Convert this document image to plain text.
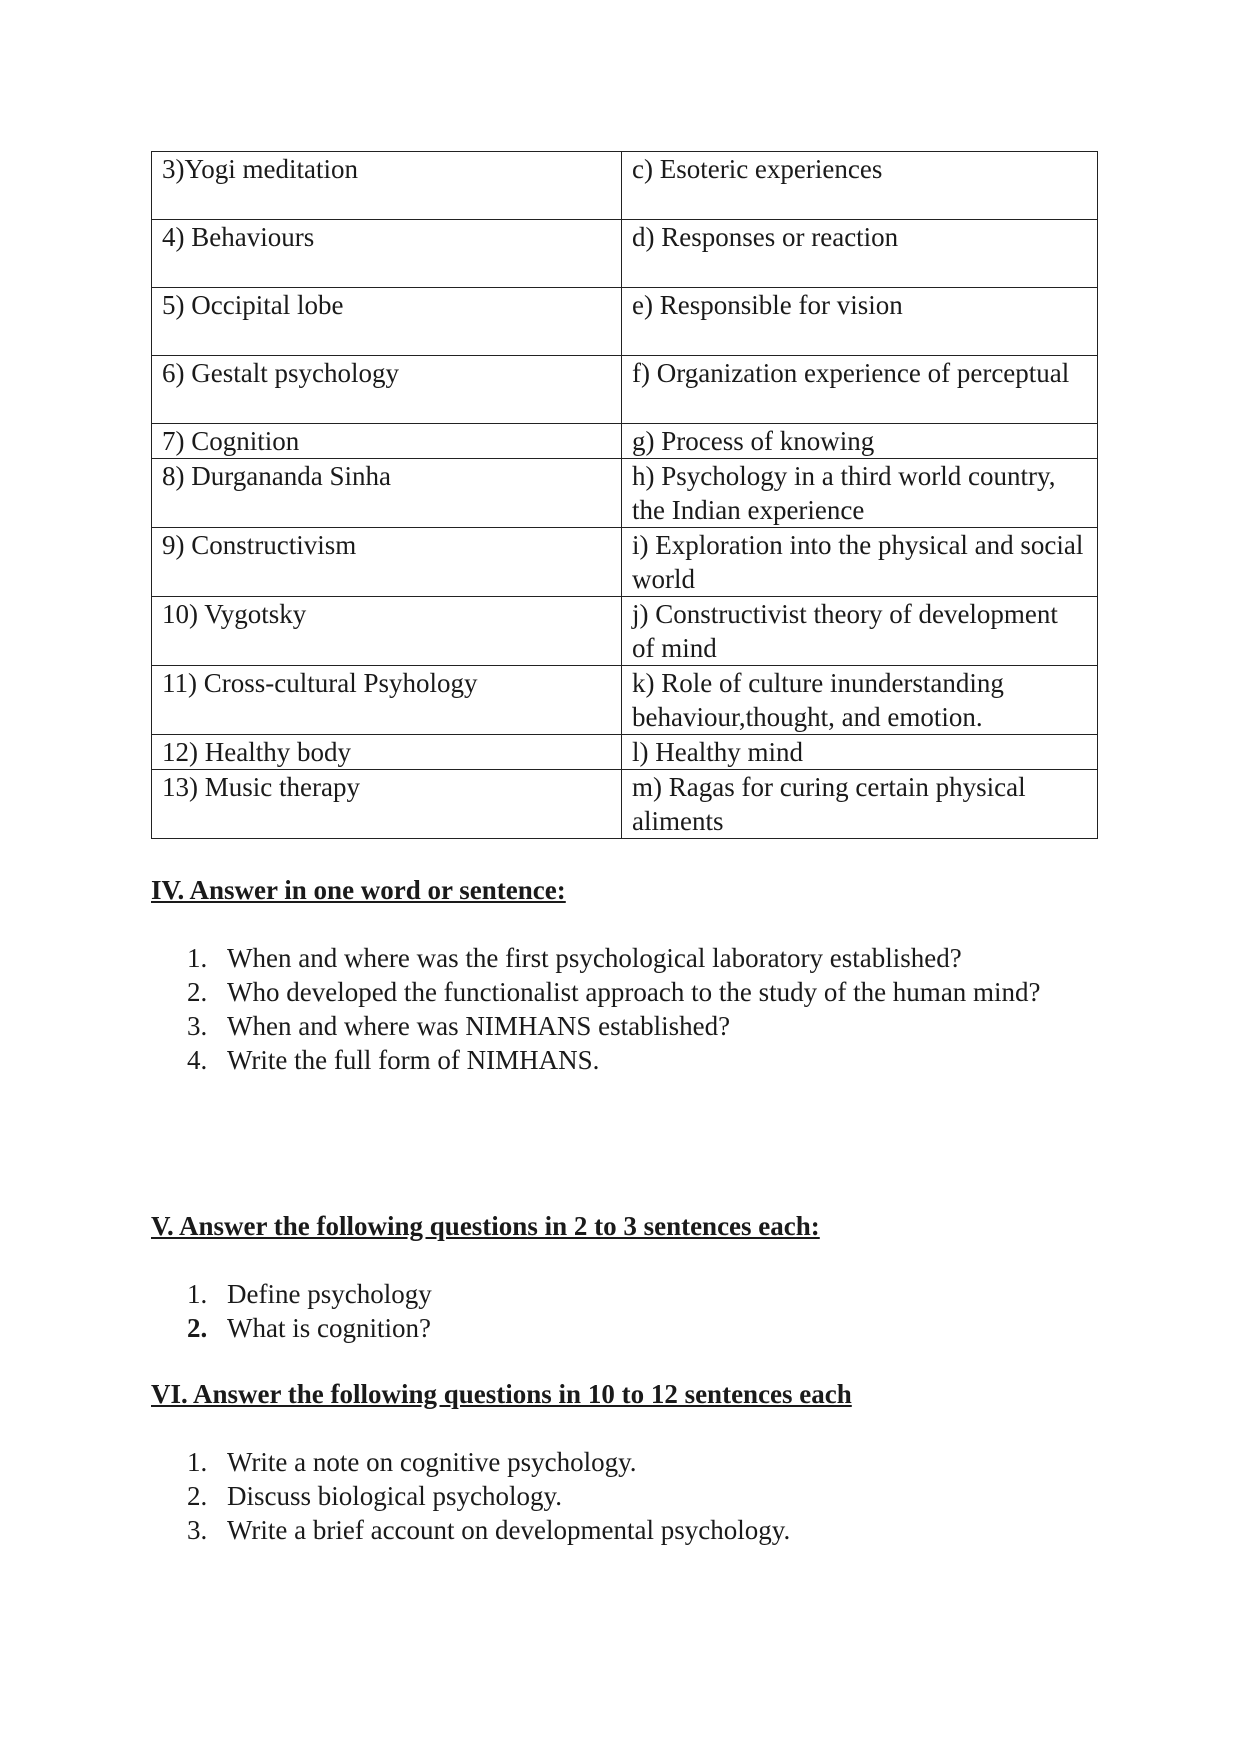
3)Yogi meditation	c) Esoteric experiences
4) Behaviours	d) Responses or reaction
5) Occipital lobe	e) Responsible for vision
6) Gestalt psychology	f) Organization experience of perceptual
7) Cognition	g) Process of knowing
8) Durgananda Sinha	h) Psychology in a third world country, the Indian experience
9) Constructivism	i) Exploration into the physical and social world
10) Vygotsky	j) Constructivist theory of development of mind
11) Cross-cultural Psyhology	k) Role of culture inunderstanding behaviour,thought, and emotion.
12) Healthy body	l) Healthy mind
13) Music therapy	m) Ragas for curing certain physical aliments
IV. Answer in one word or sentence:
1. When and where was the first psychological laboratory established?
2. Who developed the functionalist approach to the study of the human mind?
3. When and where was NIMHANS established?
4. Write the full form of NIMHANS.
V. Answer the following questions in 2 to 3 sentences each:
1. Define psychology
2. What is cognition?
VI. Answer the following questions in 10 to 12 sentences each
1. Write a note on cognitive psychology.
2. Discuss biological psychology.
3. Write a brief account on developmental psychology.
